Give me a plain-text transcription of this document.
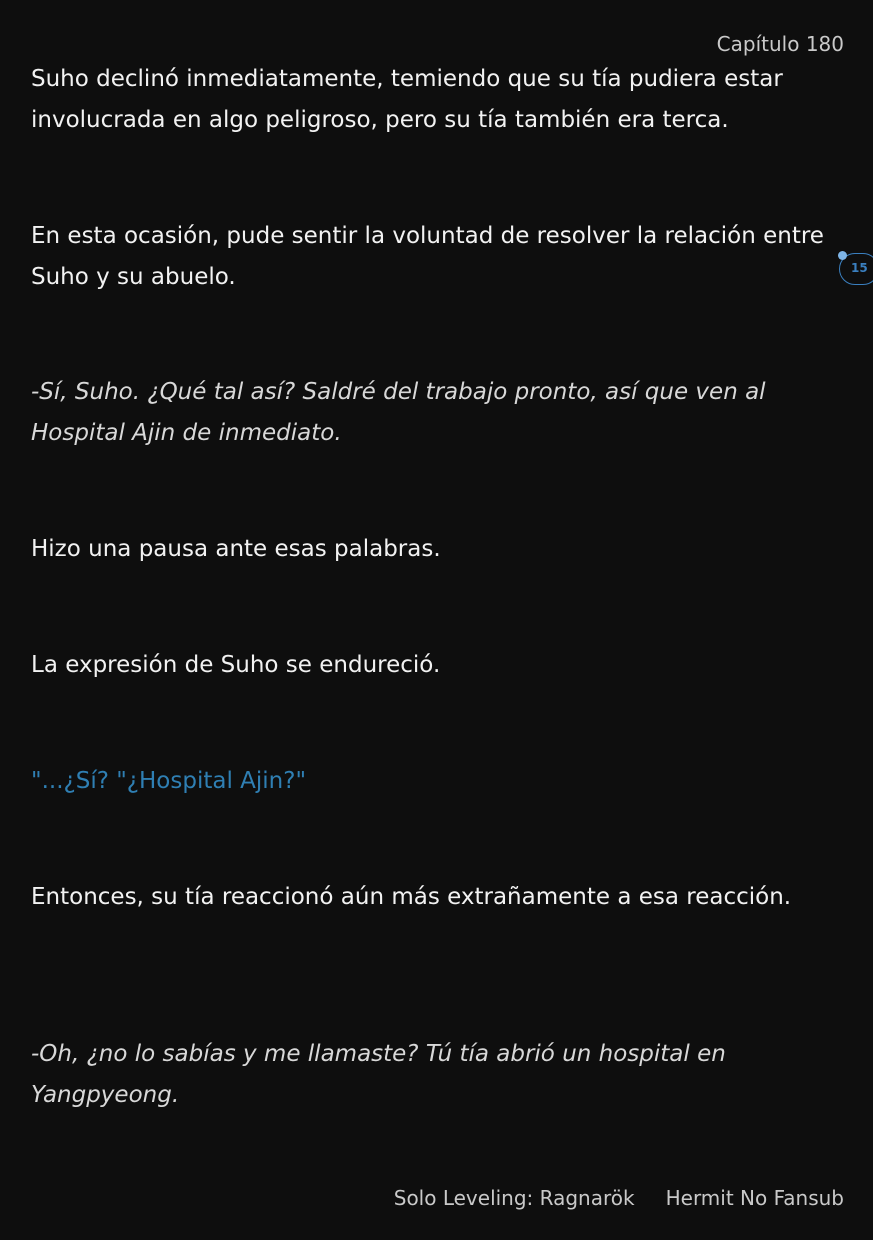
Capítulo 180

Suho declinó inmediatamente, temiendo que su tía pudiera estar involucrada en algo peligroso, pero su tía también era terca.

En esta ocasión, pude sentir la voluntad de resolver la relación entre Suho y su abuelo.

-Sí, Suho. ¿Qué tal así? Saldré del trabajo pronto, así que ven al Hospital Ajin de inmediato.

Hizo una pausa ante esas palabras.

La expresión de Suho se endureció.

"...¿Sí? "¿Hospital Ajin?"

Entonces, su tía reaccionó aún más extrañamente a esa reacción.

-Oh, ¿no lo sabías y me llamaste? Tú tía abrió un hospital en Yangpyeong.

15
Solo Leveling: Ragnarök Hermit No Fansub
